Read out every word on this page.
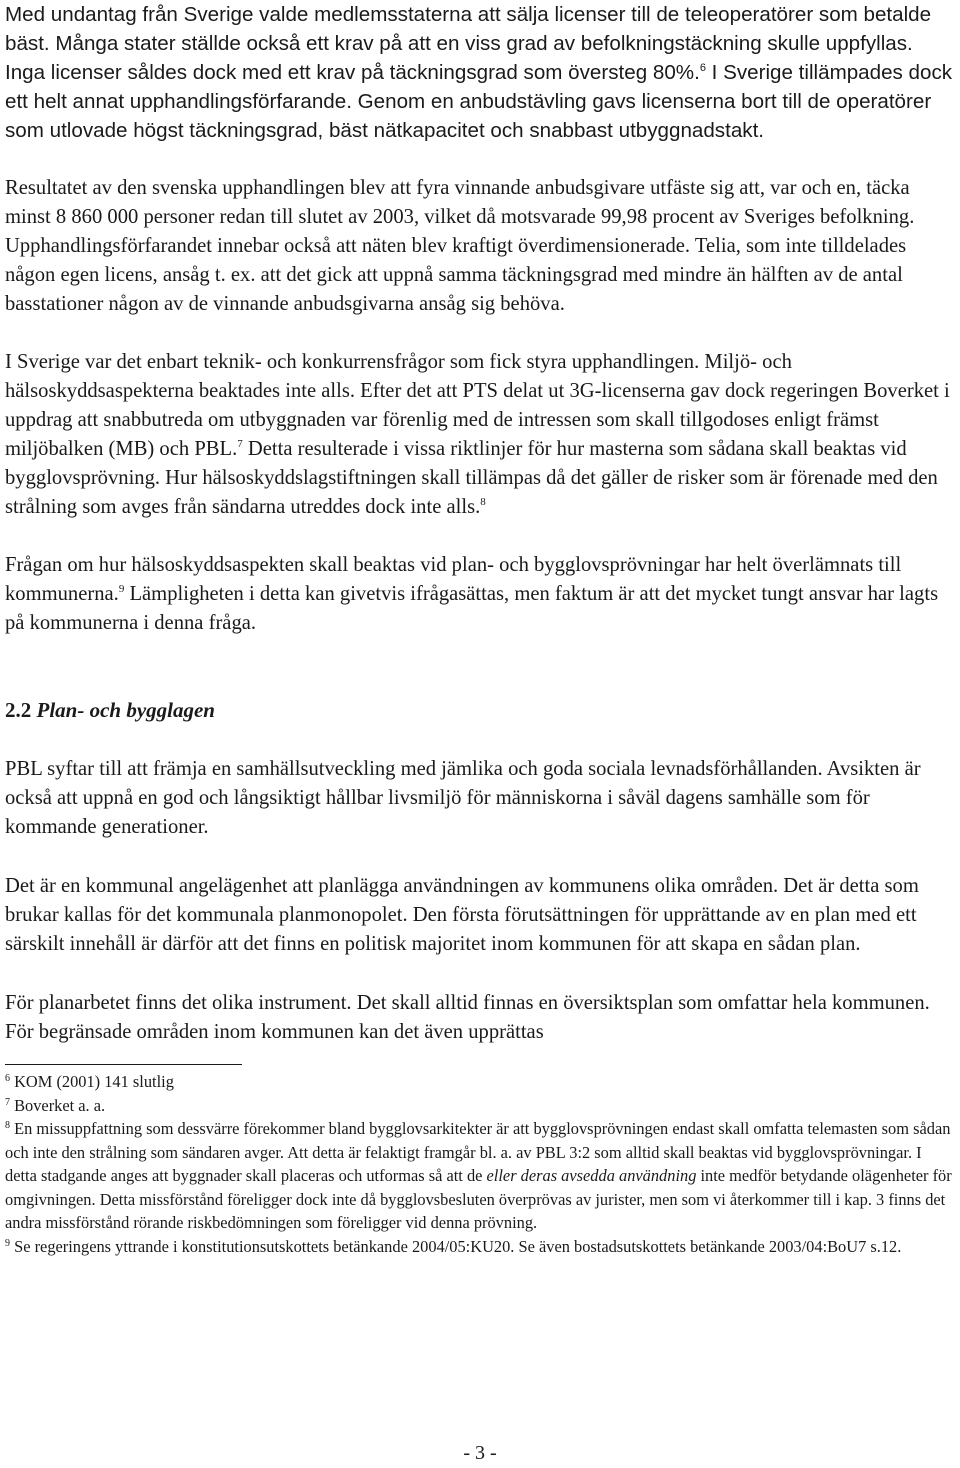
Med undantag från Sverige valde medlemsstaterna att sälja licenser till de teleoperatörer som betalde bäst. Många stater ställde också ett krav på att en viss grad av befolkningstäckning skulle uppfyllas. Inga licenser såldes dock med ett krav på täckningsgrad som översteg 80%.$^6$ I Sverige tillämpades dock ett helt annat upphandlingsförfarande. Genom en anbudstävling gavs licenserna bort till de operatörer som utlovade högst täckningsgrad, bäst nätkapacitet och snabbast utbyggnadstakt.

Resultatet av den svenska upphandlingen blev att fyra vinnande anbudsgivare utfäste sig att, var och en, täcka minst 8 860 000 personer redan till slutet av 2003, vilket då motsvarade 99,98 procent av Sveriges befolkning. Upphandlingsförfarandet innebar också att näten blev kraftigt överdimensionerade. Telia, som inte tilldelades någon egen licens, ansåg t. ex. att det gick att uppnå samma täckningsgrad med mindre än hälften av de antal basstationer någon av de vinnande anbudsgivarna ansåg sig behöva.

I Sverige var det enbart teknik- och konkurrensfrågor som fick styra upphandlingen. Miljö- och hälsoskyddsaspekterna beaktades inte alls. Efter det att PTS delat ut 3G-licenserna gav dock regeringen Boverket i uppdrag att snabbutreda om utbyggnaden var förenlig med de intressen som skall tillgodoses enligt främst miljöbalken (MB) och PBL.$^7$ Detta resulterade i vissa riktlinjer för hur masterna som sådana skall beaktas vid bygglovsprövning. Hur hälsoskyddslagstiftningen skall tillämpas då det gäller de risker som är förenade med den strålning som avges från sändarna utreddes dock inte alls.$^8$

Frågan om hur hälsoskyddsaspekten skall beaktas vid plan- och bygglovsprövningar har helt överlämnats till kommunerna.$^9$ Lämpligheten i detta kan givetvis ifrågasättas, men faktum är att det mycket tungt ansvar har lagts på kommunerna i denna fråga.

2.2 Plan- och bygglagen

PBL syftar till att främja en samhällsutveckling med jämlika och goda sociala levnadsförhållanden. Avsikten är också att uppnå en god och långsiktigt hållbar livsmiljö för människorna i såväl dagens samhälle som för kommande generationer.

Det är en kommunal angelägenhet att planlägga användningen av kommunens olika områden. Det är detta som brukar kallas för det kommunala planmonopolet. Den första förutsättningen för upprättande av en plan med ett särskilt innehåll är därför att det finns en politisk majoritet inom kommunen för att skapa en sådan plan.

För planarbetet finns det olika instrument. Det skall alltid finnas en översiktsplan som omfattar hela kommunen. För begränsade områden inom kommunen kan det även upprättas

$^6$ KOM (2001) 141 slutlig

$^7$ Boverket a. a.

$^8$ En missuppfattning som dessvärre förekommer bland bygglovsarkitekter är att bygglovsprövningen endast skall omfatta telemasten som sådan och inte den strålning som sändaren avger. Att detta är felaktigt framgår bl. a. av PBL 3:2 som alltid skall beaktas vid bygglovsprövningar. I detta stadgande anges att byggnader skall placeras och utformas så att de eller deras avsedda användning inte medför betydande olägenheter för omgivningen. Detta missförstånd föreligger dock inte då bygglovsbesluten överprövas av jurister, men som vi återkommer till i kap. 3 finns det andra missförstånd rörande riskbedömningen som föreligger vid denna prövning.

$^9$ Se regeringens yttrande i konstitutionsutskottets betänkande 2004/05:KU20. Se även bostadsutskottets betänkande 2003/04:BoU7 s.12.

- 3 -
